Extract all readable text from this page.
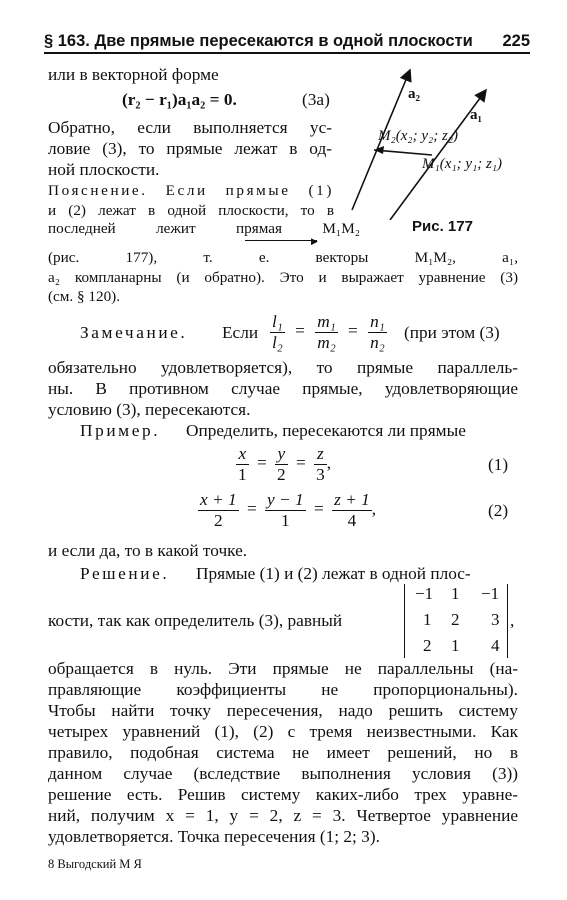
§ 163. Две прямые пересекаются в одной плоскости 225
или в векторной форме
(r₂ − r₁)a₁a₂ = 0.	(3а)
Обратно, если выполняется ус-
ловие (3), то прямые лежат в од-
ной плоскости.
a₂
a₁
M₂(x₂; y₂; z₂)
M₁(x₁; y₁; z₁)
Рис. 177
Пояснение. Если прямые (1)
и (2) лежат в одной плоскости, то в
последней лежит прямая M₁M₂
(рис. 177), т. е. векторы M₁M₂, a₁,
▶
a₂ компланарны (и обратно). Это и выражает уравнение (3)
(см. § 120).
Замечание. Если $\frac{\text{l₁}}{\text{l₂}} = \frac{\text{m₁}}{\text{m₂}} = \frac{\text{n₁}}{\text{n₂}} (при$ этом (3)
обязательно удовлетворяется), то прямые параллель-
ны. В противном случае прямые, удовлетворяющие
условию (3), пересекаются.
Пример. Определить, пересекаются ли прямые
$\frac{x}{1} = \frac{y}{2} = \frac{z}{3}$ ,	(1)
$\frac{x + 1}{2} = \frac{y - 1}{1} = \frac{z + 1}{4}$ ,	(2)
и если да, то в какой точке.
Решение. Прямые (1) и (2) лежат в одной плос-
кости, так как определитель (3), равный
−1 1 −1
1 2 3
2 1 4
,
обращается в нуль. Эти прямые не параллельны (на-
правляющие коэффициенты не пропорциональны).
Чтобы найти точку пересечения, надо решить систему
четырех уравнений (1), (2) с тремя неизвестными. Как
правило, подобная система не имеет решений, но в
данном случае (вследствие выполнения условия (3))
решение есть. Решив систему каких-либо трех уравне-
ний, получим x = 1, y = 2, z = 3. Четвертое уравнение
удовлетворяется. Точка пересечения (1; 2; 3).
8 Выгодский М Я
